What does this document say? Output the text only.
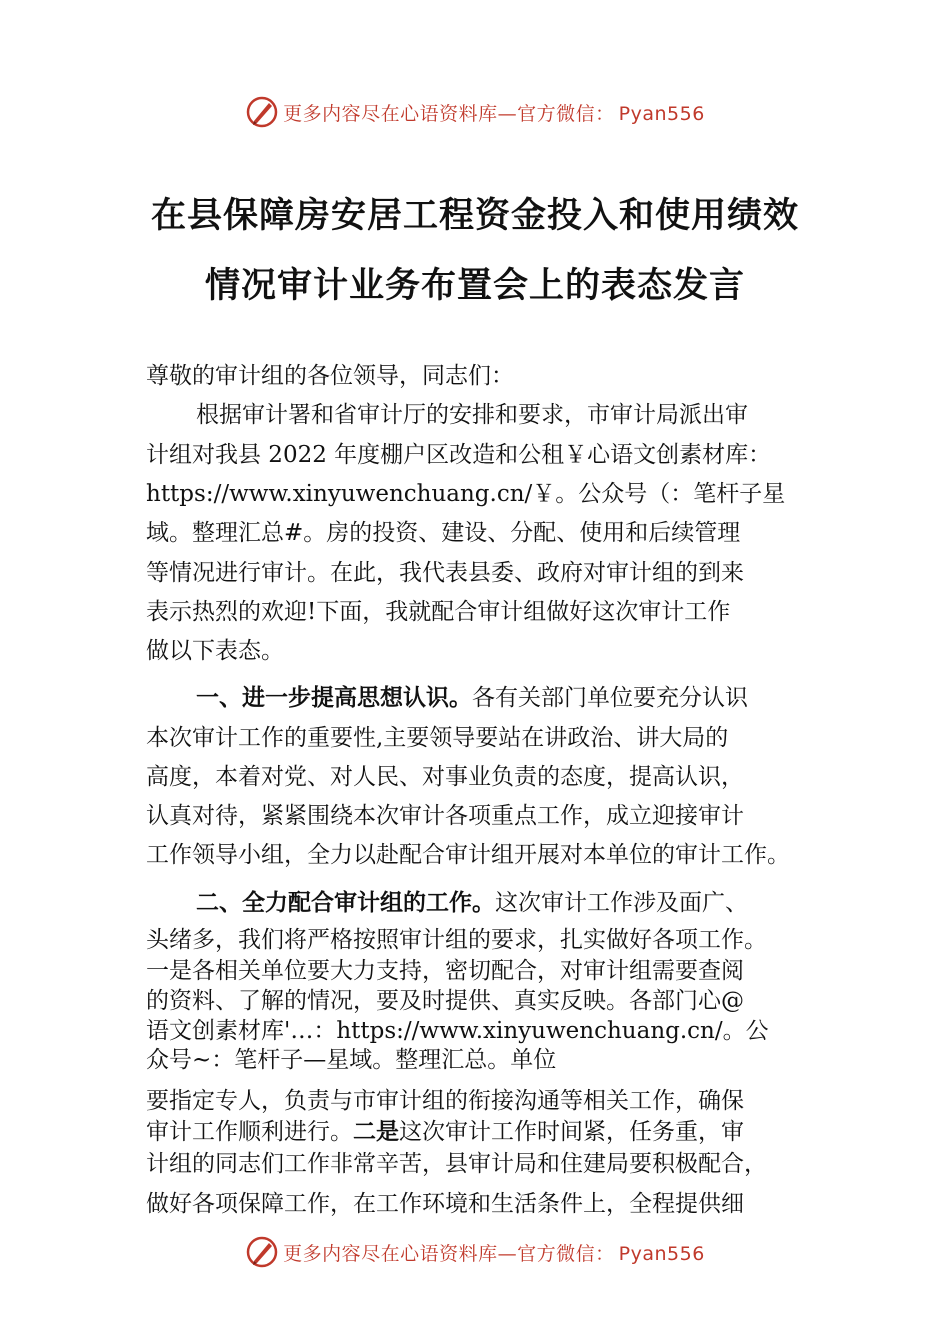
更多内容尽在心语资料库—官方微信： Pyan556
在县保障房安居工程资金投入和使用绩效
情况审计业务布置会上的表态发言
尊敬的审计组的各位领导，同志们：
根据审计署和省审计厅的安排和要求，市审计局派出审
计组对我县 2022 年度棚户区改造和公租￥心语文创素材库：
https://www.xinyuwenchuang.cn/￥。公众号（：笔杆子星
域。整理汇总#。房的投资、建设、分配、使用和后续管理
等情况进行审计。在此，我代表县委、政府对审计组的到来
表示热烈的欢迎!下面，我就配合审计组做好这次审计工作
做以下表态。
一、进一步提高思想认识。各有关部门单位要充分认识
本次审计工作的重要性,主要领导要站在讲政治、讲大局的
高度，本着对党、对人民、对事业负责的态度，提高认识，
认真对待，紧紧围绕本次审计各项重点工作，成立迎接审计
工作领导小组，全力以赴配合审计组开展对本单位的审计工作。
二、全力配合审计组的工作。这次审计工作涉及面广、
头绪多，我们将严格按照审计组的要求，扎实做好各项工作。
一是各相关单位要大力支持，密切配合，对审计组需要查阅
的资料、了解的情况，要及时提供、真实反映。各部门心@
语文创素材库'…：https://www.xinyuwenchuang.cn/。公
众号~：笔杆子—星域。整理汇总。单位
要指定专人，负责与市审计组的衔接沟通等相关工作，确保
审计工作顺利进行。二是这次审计工作时间紧，任务重，审
计组的同志们工作非常辛苦，县审计局和住建局要积极配合，
做好各项保障工作，在工作环境和生活条件上，全程提供细
更多内容尽在心语资料库—官方微信： Pyan556
